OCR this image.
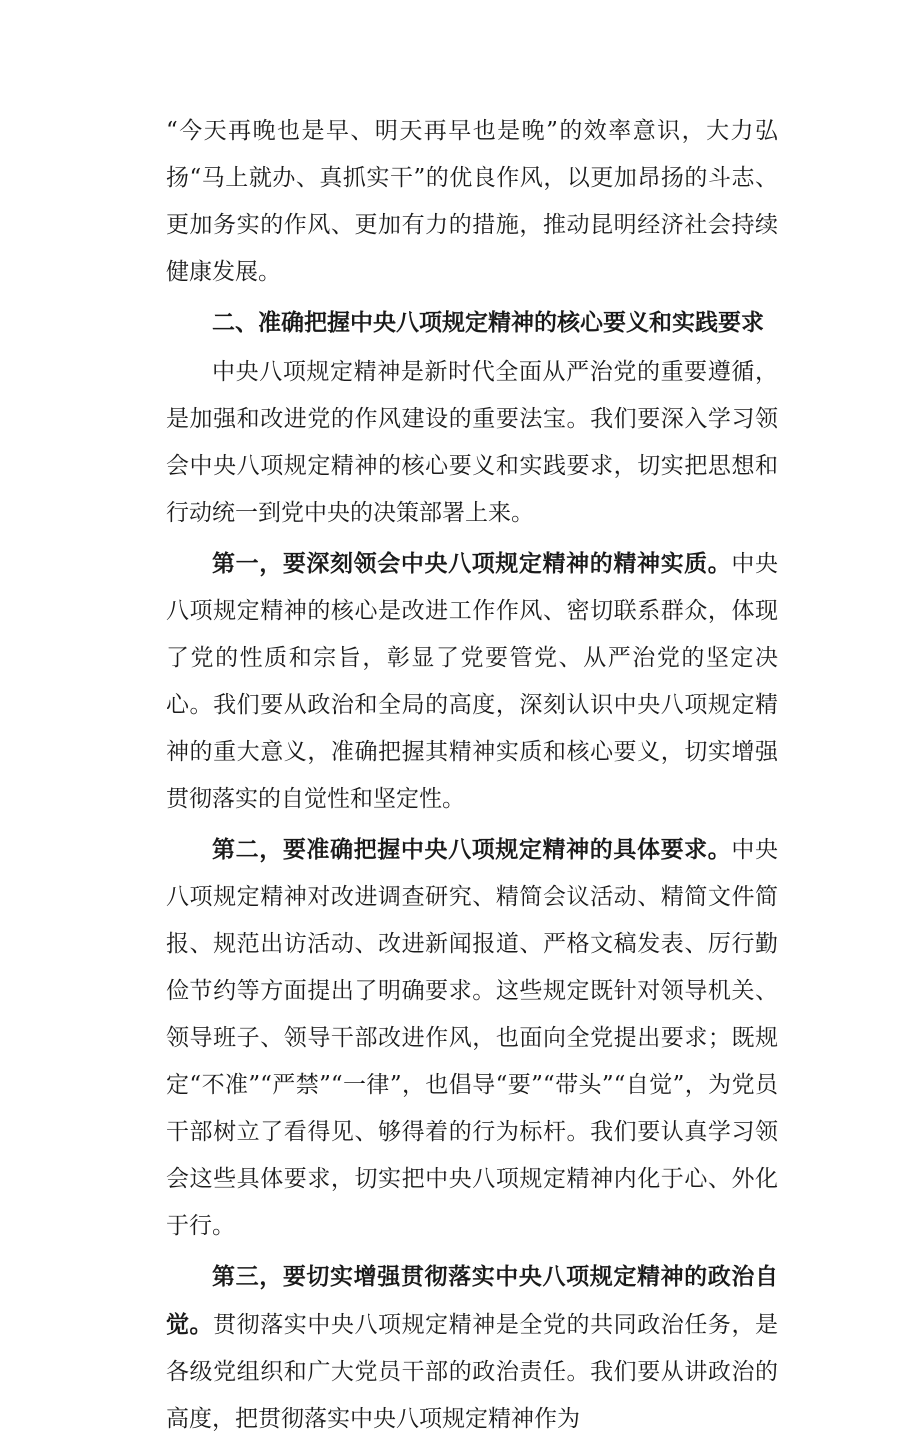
“今天再晚也是早、明天再早也是晚”的效率意识，大力弘扬“马上就办、真抓实干”的优良作风，以更加昂扬的斗志、更加务实的作风、更加有力的措施，推动昆明经济社会持续健康发展。

二、准确把握中央八项规定精神的核心要义和实践要求

中央八项规定精神是新时代全面从严治党的重要遵循，是加强和改进党的作风建设的重要法宝。我们要深入学习领会中央八项规定精神的核心要义和实践要求，切实把思想和行动统一到党中央的决策部署上来。

第一，要深刻领会中央八项规定精神的精神实质。中央八项规定精神的核心是改进工作作风、密切联系群众，体现了党的性质和宗旨，彰显了党要管党、从严治党的坚定决心。我们要从政治和全局的高度，深刻认识中央八项规定精神的重大意义，准确把握其精神实质和核心要义，切实增强贯彻落实的自觉性和坚定性。

第二，要准确把握中央八项规定精神的具体要求。中央八项规定精神对改进调查研究、精简会议活动、精简文件简报、规范出访活动、改进新闻报道、严格文稿发表、厉行勤俭节约等方面提出了明确要求。这些规定既针对领导机关、领导班子、领导干部改进作风，也面向全党提出要求；既规定“不准”“严禁”“一律”，也倡导“要”“带头”“自觉”，为党员干部树立了看得见、够得着的行为标杆。我们要认真学习领会这些具体要求，切实把中央八项规定精神内化于心、外化于行。

第三，要切实增强贯彻落实中央八项规定精神的政治自觉。贯彻落实中央八项规定精神是全党的共同政治任务，是各级党组织和广大党员干部的政治责任。我们要从讲政治的高度，把贯彻落实中央八项规定精神作为
